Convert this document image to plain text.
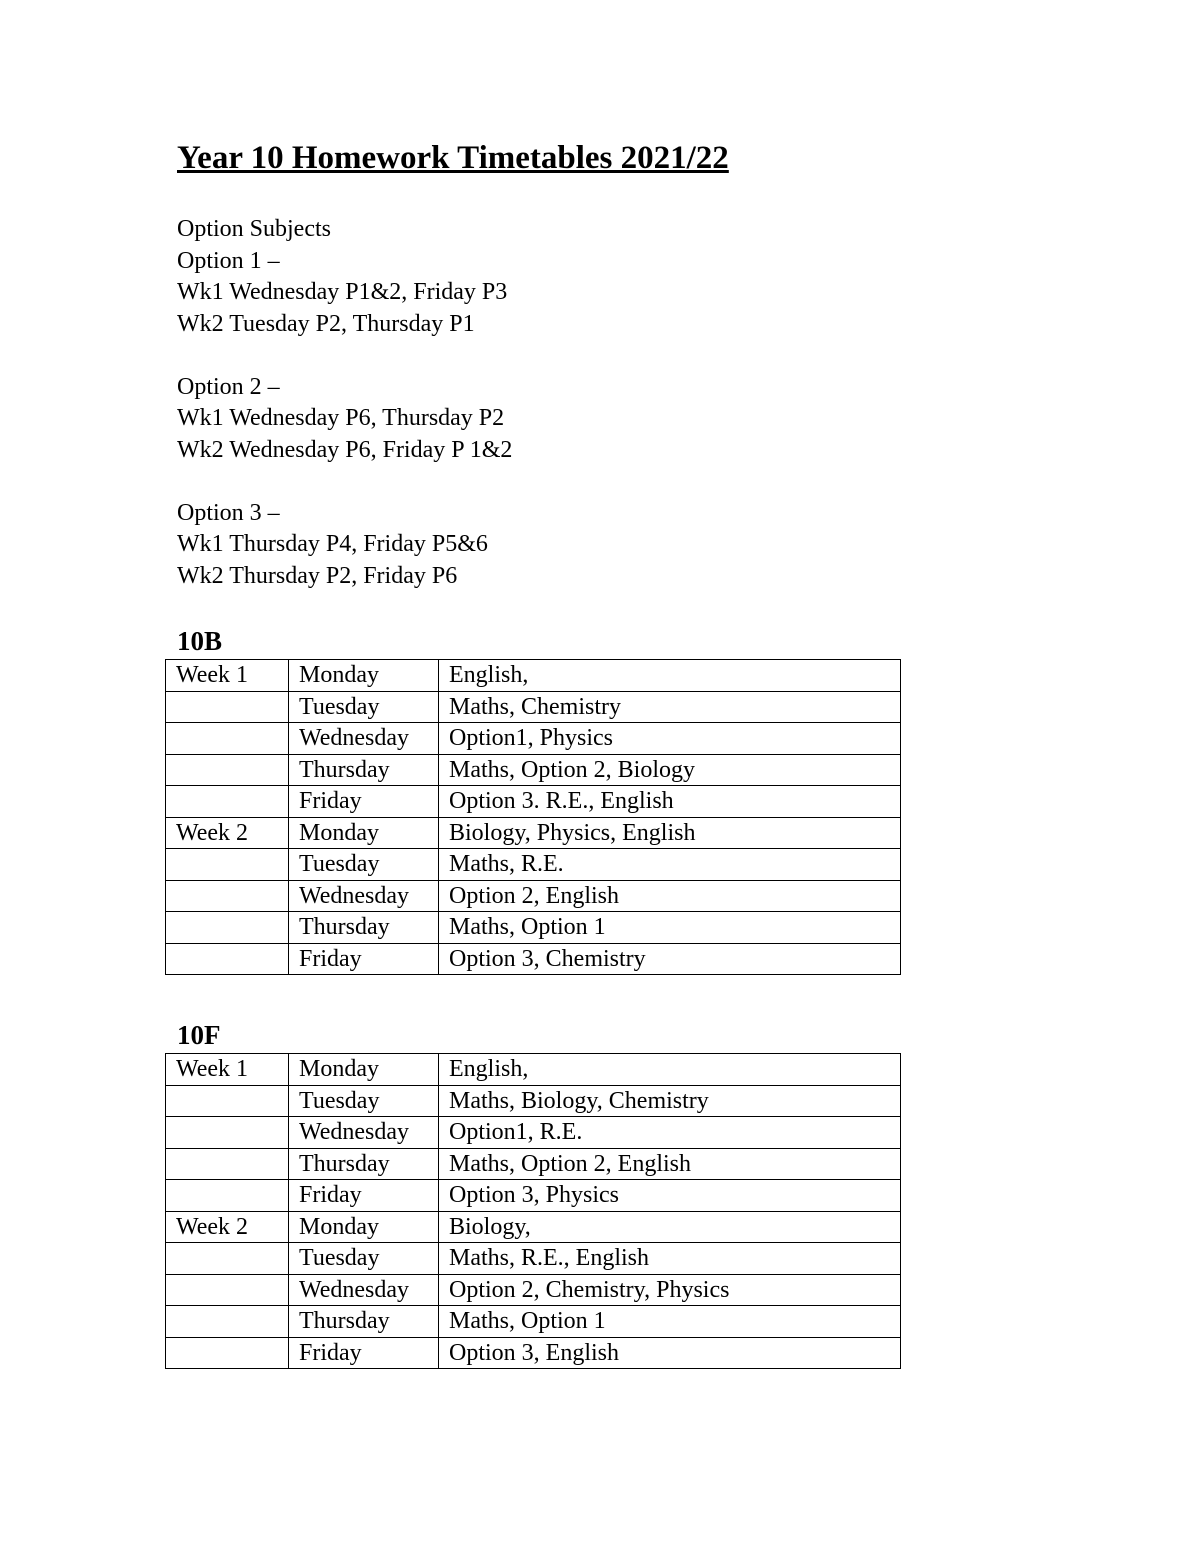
Year 10 Homework Timetables 2021/22
Option Subjects
Option 1 –
Wk1 Wednesday P1&2, Friday P3
Wk2 Tuesday P2, Thursday P1
Option 2 –
Wk1 Wednesday P6, Thursday P2
Wk2 Wednesday P6, Friday P 1&2
Option 3 –
Wk1 Thursday P4, Friday P5&6
Wk2 Thursday P2, Friday P6
10B
Week 1	Monday	English,
	Tuesday	Maths, Chemistry
	Wednesday	Option1, Physics
	Thursday	Maths, Option 2, Biology
	Friday	Option 3. R.E., English
Week 2	Monday	Biology, Physics, English
	Tuesday	Maths, R.E.
	Wednesday	Option 2, English
	Thursday	Maths, Option 1
	Friday	Option 3, Chemistry
10F
Week 1	Monday	English,
	Tuesday	Maths, Biology, Chemistry
	Wednesday	Option1, R.E.
	Thursday	Maths, Option 2, English
	Friday	Option 3, Physics
Week 2	Monday	Biology,
	Tuesday	Maths, R.E., English
	Wednesday	Option 2, Chemistry, Physics
	Thursday	Maths, Option 1
	Friday	Option 3, English
